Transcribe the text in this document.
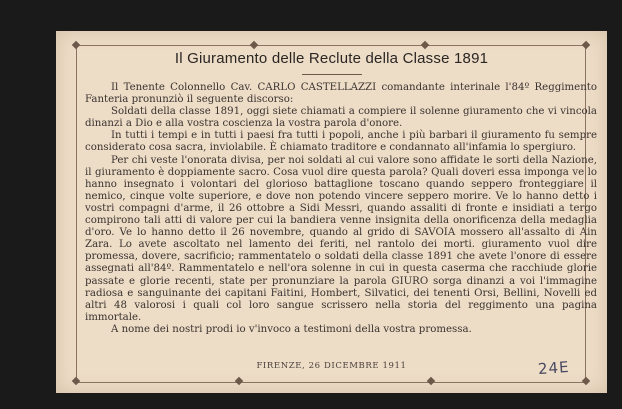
Il Giuramento delle Reclute della Classe 1891

Il Tenente Colonnello Cav. CARLO CASTELLAZZI comandante interinale l'84º Reggimento Fanteria pronunziò il seguente discorso:

Soldati della classe 1891, oggi siete chiamati a compiere il solenne giuramento che vi vincola dinanzi a Dio e alla vostra coscienza la vostra parola d'onore.

In tutti i tempi e in tutti i paesi fra tutti i popoli, anche i più barbari il giuramento fu sempre considerato cosa sacra, inviolabile. È chiamato traditore e condannato all'infamia lo spergiuro.

Per chi veste l'onorata divisa, per noi soldati al cui valore sono affidate le sorti della Nazione, il giuramento è doppiamente sacro. Cosa vuol dire questa parola? Quali doveri essa imponga ve lo hanno insegnato i volontari del glorioso battaglione toscano quando seppero fronteggiare il nemico, cinque volte superiore, e dove non potendo vincere seppero morire. Ve lo hanno detto i vostri compagni d'arme, il 26 ottobre a Sidi Messri, quando assaliti di fronte e insidiati a tergo compirono tali atti di valore per cui la bandiera venne insignita della onorificenza della medaglia d'oro. Ve lo hanno detto il 26 novembre, quando al grido di SAVOIA mossero all'assalto di Ain Zara. Lo avete ascoltato nel lamento dei feriti, nel rantolo dei morti. giuramento vuol dire promessa, dovere, sacrificio; rammentatelo o soldati della classe 1891 che avete l'onore di essere assegnati all'84º. Rammentatelo e nell'ora solenne in cui in questa caserma che racchiude glorie passate e glorie recenti, state per pronunziare la parola GIURO sorga dinanzi a voi l'immagine radiosa e sanguinante dei capitani Faitini, Hombert, Silvatici, dei tenenti Orsi, Bellini, Novelli ed altri 48 valorosi i quali col loro sangue scrissero nella storia del reggimento una pagina immortale.

A nome dei nostri prodi io v'invoco a testimoni della vostra promessa.

FIRENZE, 26 DICEMBRE 1911	24E
